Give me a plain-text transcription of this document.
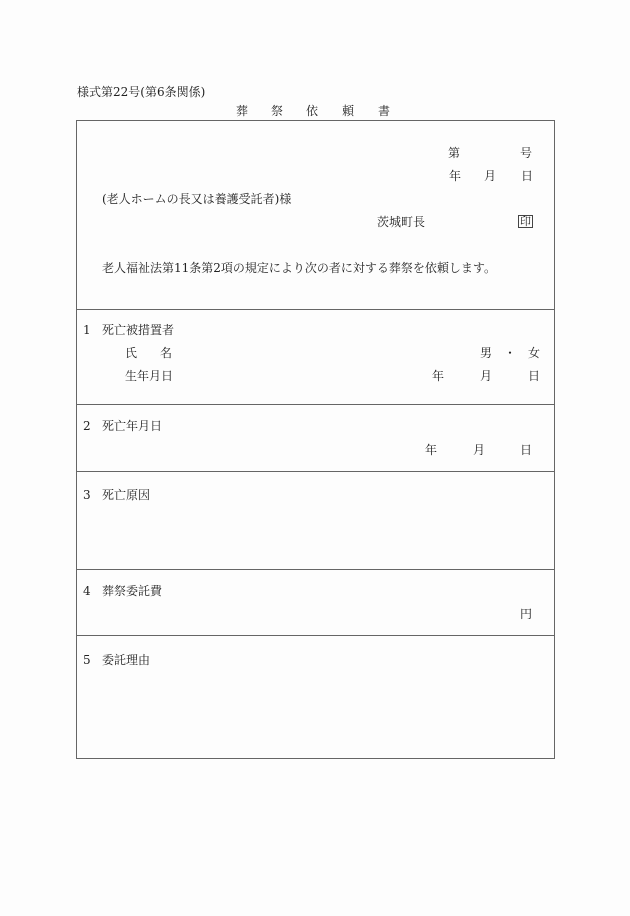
様式第22号(第6条関係)
葬 祭 依 頼 書
第	号
年 月 日
(老人ホームの長又は養護受託者)様
茨城町長	印
老人福祉法第11条第2項の規定により次の者に対する葬祭を依頼します。
1 死亡被措置者
氏 名	男 ・ 女
生年月日	年	月	日
2 死亡年月日
年	月	日
3 死亡原因
4 葬祭委託費
円
5 委託理由
